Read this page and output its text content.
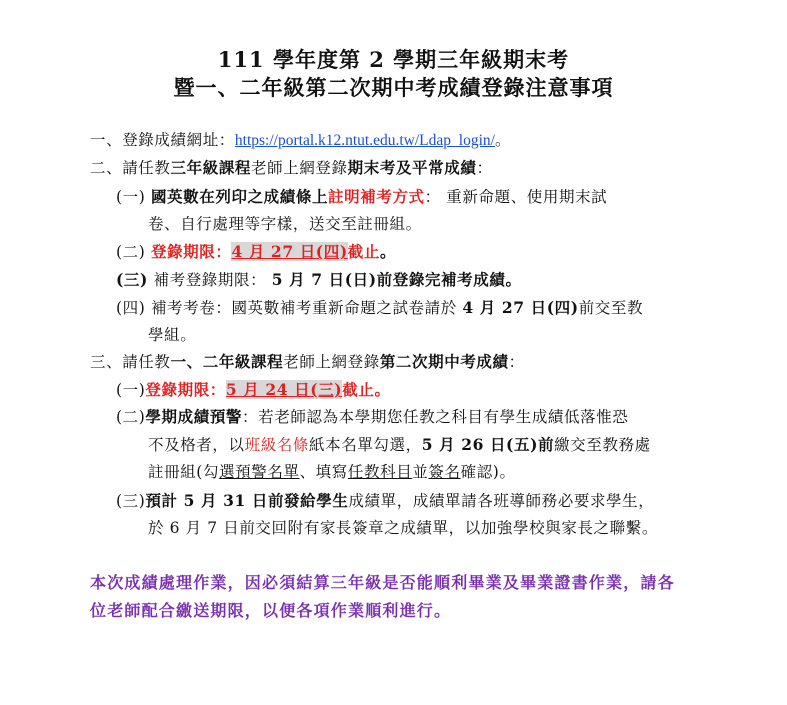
111 學年度第 2 學期三年級期末考
暨一、二年級第二次期中考成績登錄注意事項
一、登錄成績網址：https://portal.k12.ntut.edu.tw/Ldap_login/。
二、請任教三年級課程老師上網登錄期末考及平常成績：
(一) 國英數在列印之成績條上註明補考方式： 重新命題、使用期末試
卷、自行處理等字樣，送交至註冊組。
(二) 登錄期限：4 月 27 日(四)截止。
(三) 補考登錄期限： 5 月 7 日(日)前登錄完補考成績。
(四) 補考考卷：國英數補考重新命題之試卷請於 4 月 27 日(四)前交至教
學組。
三、請任教一、二年級課程老師上網登錄第二次期中考成績：
(一)登錄期限：5 月 24 日(三)截止。
(二)學期成績預警：若老師認為本學期您任教之科目有學生成績低落惟恐
不及格者，以班級名條紙本名單勾選，5 月 26 日(五)前繳交至教務處
註冊組(勾選預警名單、填寫任教科目並簽名確認)。
(三)預計 5 月 31 日前發給學生成績單，成績單請各班導師務必要求學生，
於 6 月 7 日前交回附有家長簽章之成績單，以加強學校與家長之聯繫。
本次成績處理作業，因必須結算三年級是否能順利畢業及畢業證書作業，請各
位老師配合繳送期限，以便各項作業順利進行。
